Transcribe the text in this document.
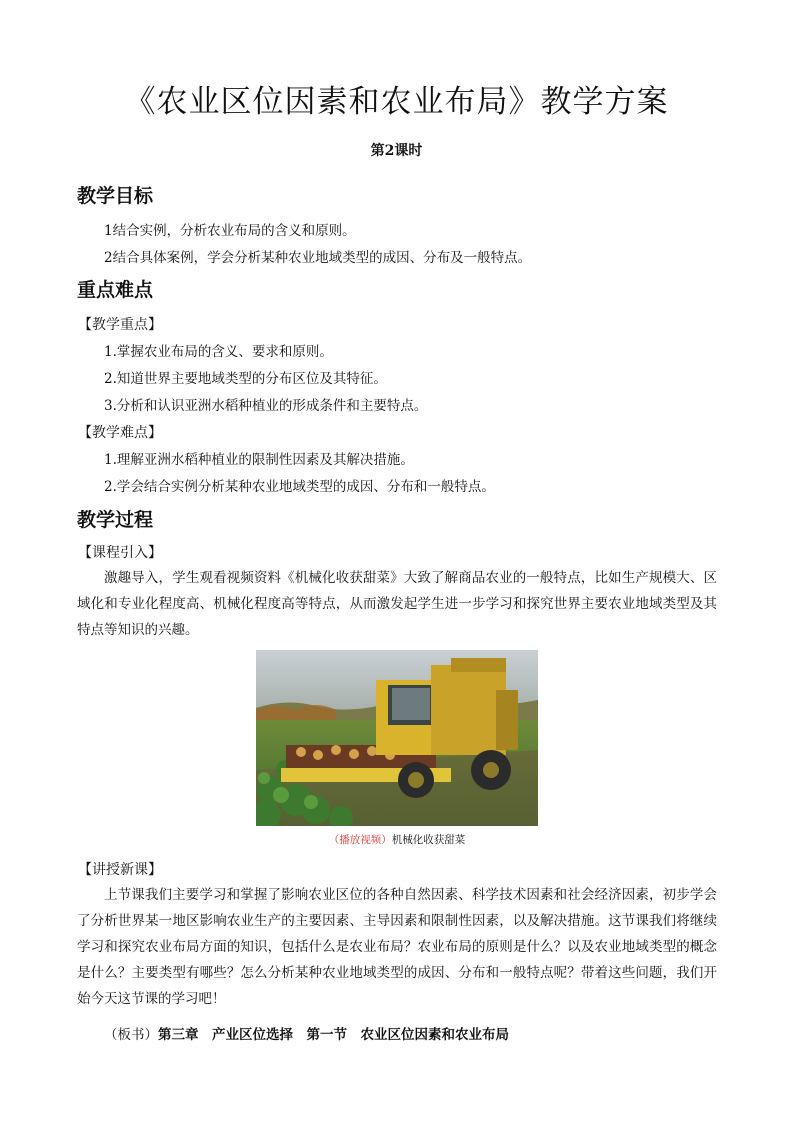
《农业区位因素和农业布局》教学方案
第2课时
教学目标
1结合实例，分析农业布局的含义和原则。
2结合具体案例，学会分析某种农业地域类型的成因、分布及一般特点。
重点难点
【教学重点】
1.掌握农业布局的含义、要求和原则。
2.知道世界主要地域类型的分布区位及其特征。
3.分析和认识亚洲水稻种植业的形成条件和主要特点。
【教学难点】
1.理解亚洲水稻种植业的限制性因素及其解决措施。
2.学会结合实例分析某种农业地域类型的成因、分布和一般特点。
教学过程
【课程引入】
激趣导入，学生观看视频资料《机械化收获甜菜》大致了解商品农业的一般特点，比如生产规模大、区域化和专业化程度高、机械化程度高等特点，从而激发起学生进一步学习和探究世界主要农业地域类型及其特点等知识的兴趣。
（播放视频）机械化收获甜菜
【讲授新课】
上节课我们主要学习和掌握了影响农业区位的各种自然因素、科学技术因素和社会经济因素，初步学会了分析世界某一地区影响农业生产的主要因素、主导因素和限制性因素，以及解决措施。这节课我们将继续学习和探究农业布局方面的知识，包括什么是农业布局？农业布局的原则是什么？以及农业地域类型的概念是什么？主要类型有哪些？怎么分析某种农业地域类型的成因、分布和一般特点呢？带着这些问题，我们开始今天这节课的学习吧！
（板书）第三章　产业区位选择　第一节　农业区位因素和农业布局
